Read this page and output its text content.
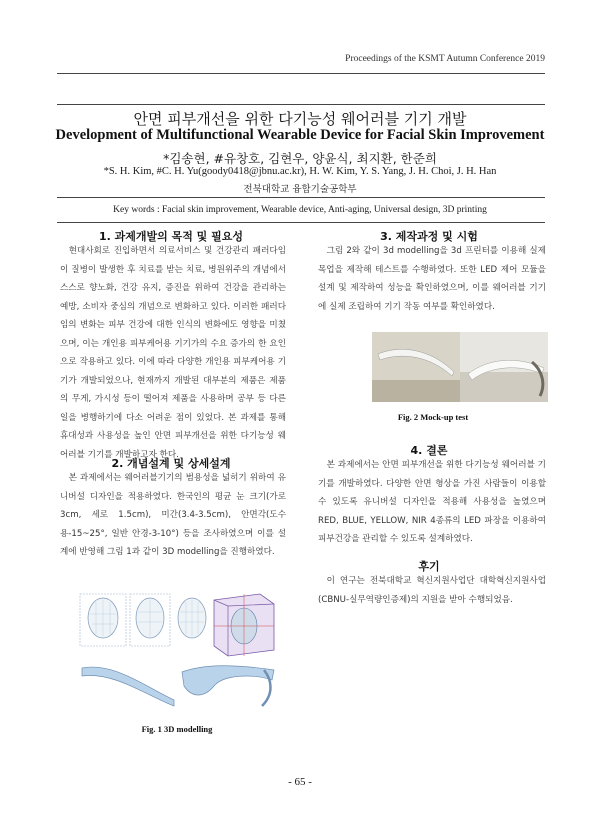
Proceedings of the KSMT Autumn Conference 2019
안면 피부개선을 위한 다기능성 웨어러블 기기 개발
Development of Multifunctional Wearable Device for Facial Skin Improvement
*김송현, #유창호, 김현우, 양윤식, 최지환, 한준희
*S. H. Kim, #C. H. Yu(goody0418@jbnu.ac.kr), H. W. Kim, Y. S. Yang, J. H. Choi, J. H. Han
전북대학교 융합기술공학부
Key words : Facial skin improvement, Wearable device, Anti-aging, Universal design, 3D printing
1. 과제개발의 목적 및 필요성
현대사회로 진입하면서 의료서비스 및 건강관리 패러다임이 질병이 발생한 후 치료를 받는 치료, 병원위주의 개념에서 스스로 향노화, 건강 유지, 증진을 위하여 건강을 관리하는 예방, 소비자 중심의 개념으로 변화하고 있다. 이러한 패러다임의 변화는 피부 건강에 대한 인식의 변화에도 영향을 미쳤으며, 이는 개인용 피부케어용 기기가의 수요 증가의 한 요인으로 작용하고 있다. 이에 따라 다양한 개인용 피부케어용 기기가 개발되었으나, 현재까지 개발된 대부분의 제품은 제품의 무게, 가시성 등이 떨어져 제품을 사용하며 공부 등 다른 일을 병행하기에 다소 어려운 점이 있었다. 본 과제를 통해 휴대성과 사용성을 높인 안면 피부개선을 위한 다기능성 웨어러블 기기를 개발하고자 한다.
2. 개념설계 및 상세설계
본 과제에서는 웨어러블기기의 범용성을 넓히기 위하여 유니버설 디자인을 적용하였다. 한국인의 평균 눈 크기(가로 3cm, 세로 1.5cm), 미간(3.4-3.5cm), 안면각(도수용-15~25°, 일반 안경-3-10°) 등을 조사하였으며 이를 설계에 반영해 그림 1과 같이 3D modelling을 진행하였다.
Fig. 1 3D modelling
3. 제작과정 및 시험
그림 2와 같이 3d modelling을 3d 프린터를 이용해 실제 목업을 제작해 테스트를 수행하였다. 또한 LED 제어 모듈을 설계 및 제작하여 성능을 확인하였으며, 이를 웨어러블 기기에 실제 조립하여 기기 작동 여부를 확인하였다.
Fig. 2 Mock-up test
4. 결론
본 과제에서는 안면 피부개선을 위한 다기능성 웨어러블 기기를 개발하였다. 다양한 안면 형상을 가진 사람들이 이용할 수 있도록 유니버설 디자인을 적용해 사용성을 높였으며 RED, BLUE, YELLOW, NIR 4종류의 LED 파장을 이용하여 피부건강을 관리할 수 있도록 설계하였다.
후기
이 연구는 전북대학교 혁신지원사업단 대학혁신지원사업(CBNU-실무역량인증제)의 지원을 받아 수행되었음.
- 65 -
